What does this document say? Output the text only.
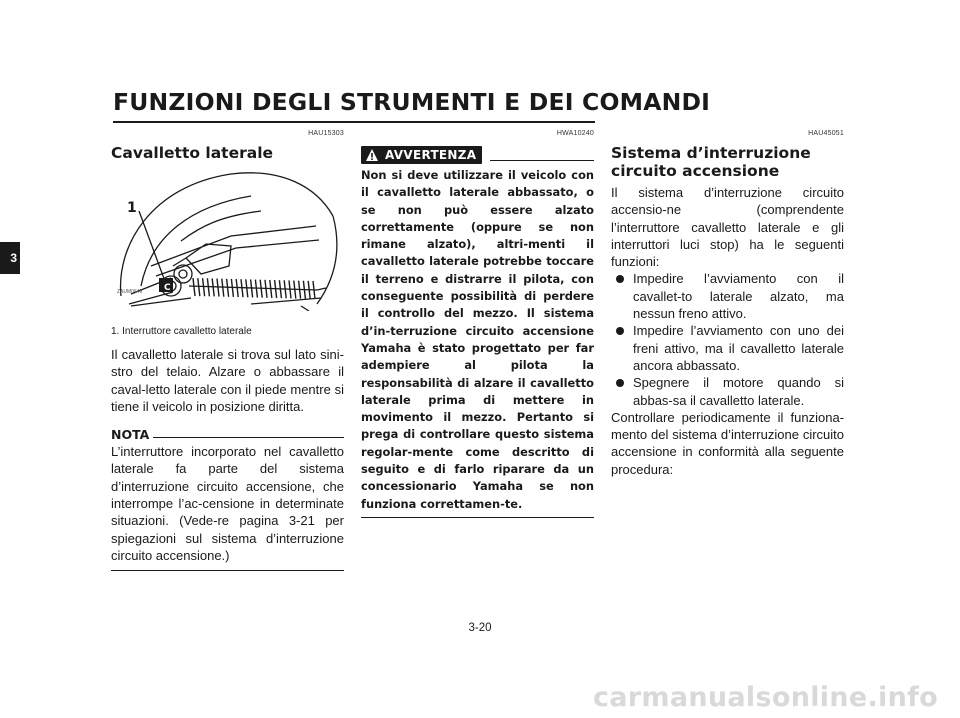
FUNZIONI DEGLI STRUMENTI E DEI COMANDI
3
HAU15303
Cavalletto laterale
C
1
ZAUM0649
1. Interruttore cavalletto laterale

Il cavalletto laterale si trova sul lato sini-stro del telaio. Alzare o abbassare il caval-letto laterale con il piede mentre si tiene il veicolo in posizione diritta.

NOTA

L’interruttore incorporato nel cavalletto laterale fa parte del sistema d’interruzione circuito accensione, che interrompe l’ac-censione in determinate situazioni. (Vede-re pagina 3-21 per spiegazioni sul sistema d’interruzione circuito accensione.)

HWA10240
AVVERTENZA

Non si deve utilizzare il veicolo con il cavalletto laterale abbassato, o se non può essere alzato correttamente (oppure se non rimane alzato), altri-menti il cavalletto laterale potrebbe toccare il terreno e distrarre il pilota, con conseguente possibilità di perdere il controllo del mezzo. Il sistema d’in-terruzione circuito accensione Yamaha è stato progettato per far adempiere al pilota la responsabilità di alzare il cavalletto laterale prima di mettere in movimento il mezzo. Pertanto si prega di controllare questo sistema regolar-mente come descritto di seguito e di farlo riparare da un concessionario Yamaha se non funziona correttamen-te.

HAU45051
Sistema d’interruzione circuito accensione

Il sistema d’interruzione circuito accensio-ne (comprendente l’interruttore cavalletto laterale e gli interruttori luci stop) ha le seguenti funzioni:

Impedire l’avviamento con il cavallet-to laterale alzato, ma nessun freno attivo.
Impedire l’avviamento con uno dei freni attivo, ma il cavalletto laterale ancora abbassato.
Spegnere il motore quando si abbas-sa il cavalletto laterale.

Controllare periodicamente il funziona-mento del sistema d’interruzione circuito accensione in conformità alla seguente procedura:

3-20
carmanualsonline.info
